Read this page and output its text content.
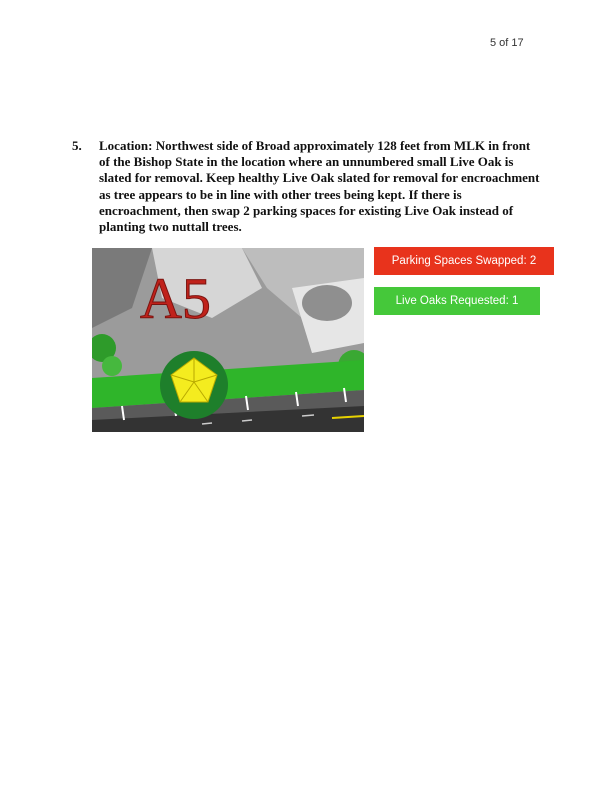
5 of 17
5. Location: Northwest side of Broad approximately 128 feet from MLK in front of the Bishop State in the location where an unnumbered small Live Oak is slated for removal. Keep healthy Live Oak slated for removal for encroachment as tree appears to be in line with other trees being kept. If there is encroachment, then swap 2 parking spaces for existing Live Oak instead of planting two nuttall trees.
A5
Parking Spaces Swapped: 2
Live Oaks Requested: 1
